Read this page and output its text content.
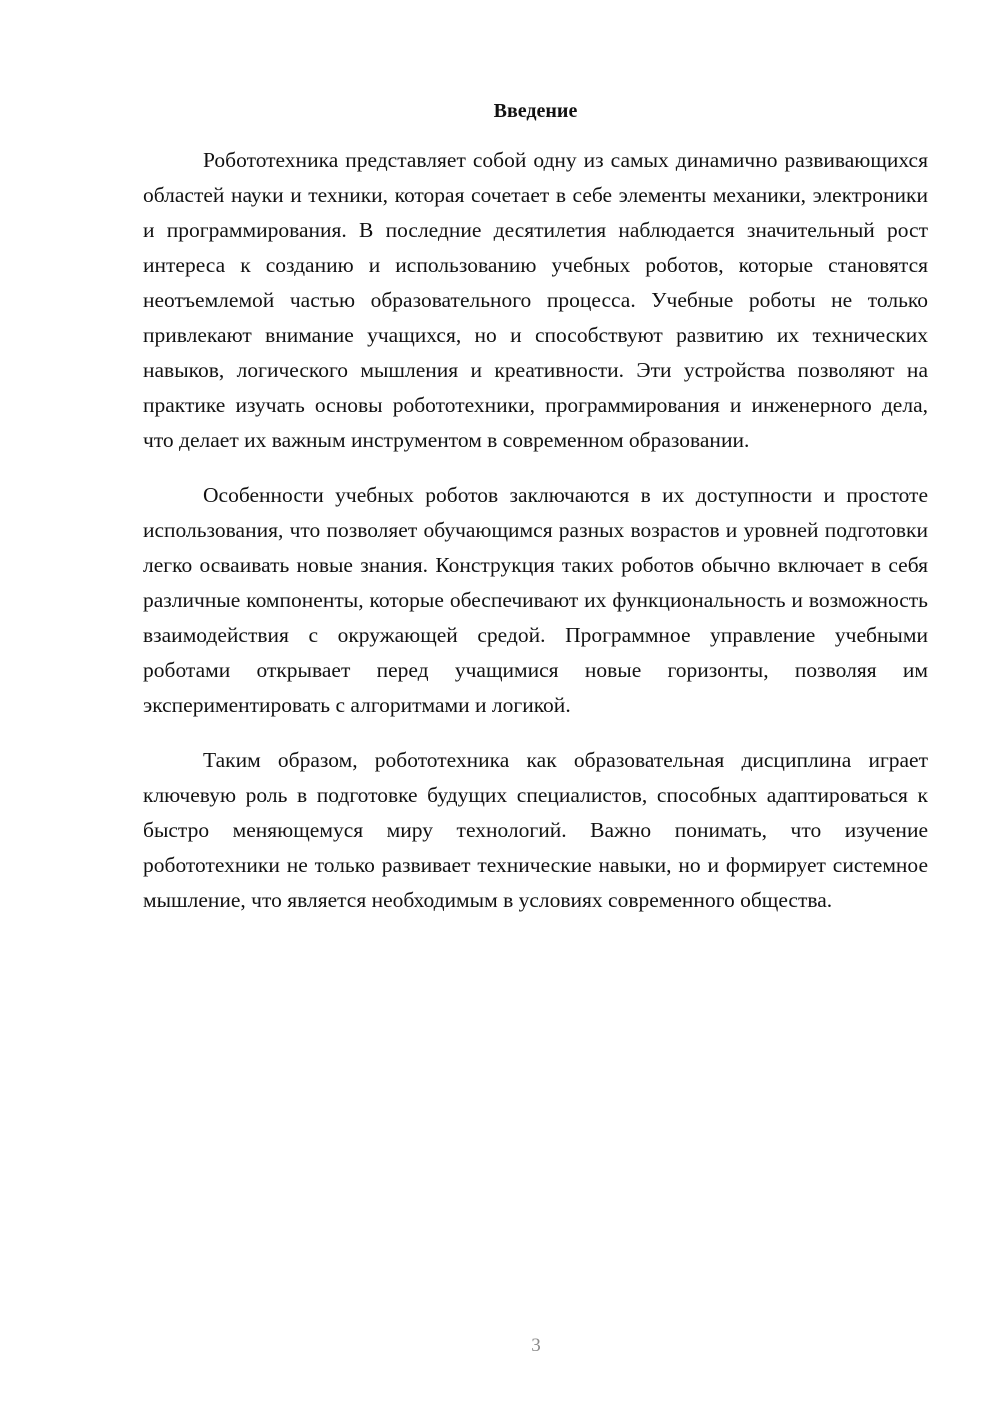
Введение

Робототехника представляет собой одну из самых динамично развивающихся областей науки и техники, которая сочетает в себе элементы механики, электроники и программирования. В последние десятилетия наблюдается значительный рост интереса к созданию и использованию учебных роботов, которые становятся неотъемлемой частью образовательного процесса. Учебные роботы не только привлекают внимание учащихся, но и способствуют развитию их технических навыков, логического мышления и креативности. Эти устройства позволяют на практике изучать основы робототехники, программирования и инженерного дела, что делает их важным инструментом в современном образовании.

Особенности учебных роботов заключаются в их доступности и простоте использования, что позволяет обучающимся разных возрастов и уровней подготовки легко осваивать новые знания. Конструкция таких роботов обычно включает в себя различные компоненты, которые обеспечивают их функциональность и возможность взаимодействия с окружающей средой. Программное управление учебными роботами открывает перед учащимися новые горизонты, позволяя им экспериментировать с алгоритмами и логикой.

Таким образом, робототехника как образовательная дисциплина играет ключевую роль в подготовке будущих специалистов, способных адаптироваться к быстро меняющемуся миру технологий. Важно понимать, что изучение робототехники не только развивает технические навыки, но и формирует системное мышление, что является необходимым в условиях современного общества.

3
